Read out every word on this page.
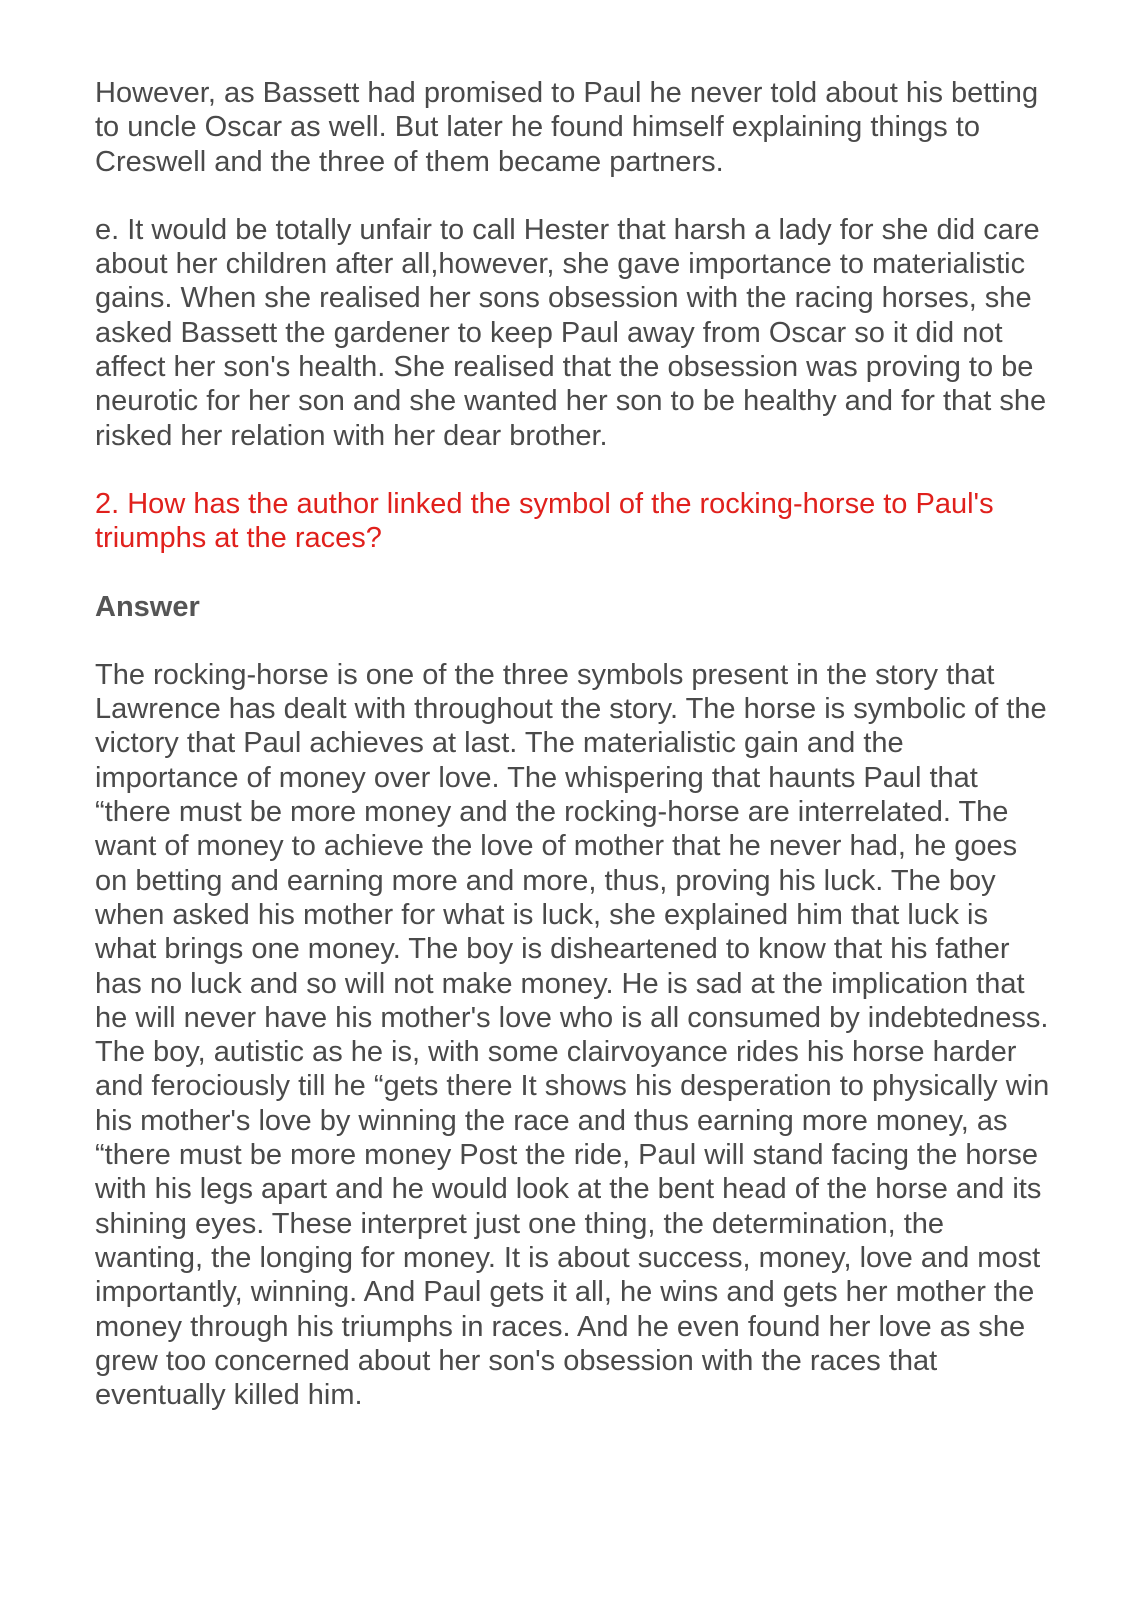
However, as Bassett had promised to Paul he never told about his betting to uncle Oscar as well. But later he found himself explaining things to Creswell and the three of them became partners.

e. It would be totally unfair to call Hester that harsh a lady for she did care about her children after all,however, she gave importance to materialistic gains. When she realised her sons obsession with the racing horses, she asked Bassett the gardener to keep Paul away from Oscar so it did not affect her son's health. She realised that the obsession was proving to be neurotic for her son and she wanted her son to be healthy and for that she risked her relation with her dear brother.

2. How has the author linked the symbol of the rocking-horse to Paul's triumphs at the races?

Answer

The rocking-horse is one of the three symbols present in the story that Lawrence has dealt with throughout the story. The horse is symbolic of the victory that Paul achieves at last. The materialistic gain and the importance of money over love. The whispering that haunts Paul that “there must be more money and the rocking-horse are interrelated. The want of money to achieve the love of mother that he never had, he goes on betting and earning more and more, thus, proving his luck. The boy when asked his mother for what is luck, she explained him that luck is what brings one money. The boy is disheartened to know that his father has no luck and so will not make money. He is sad at the implication that he will never have his mother's love who is all consumed by indebtedness. The boy, autistic as he is, with some clairvoyance rides his horse harder and ferociously till he “gets there It shows his desperation to physically win his mother's love by winning the race and thus earning more money, as “there must be more money Post the ride, Paul will stand facing the horse with his legs apart and he would look at the bent head of the horse and its shining eyes. These interpret just one thing, the determination, the wanting, the longing for money. It is about success, money, love and most importantly, winning. And Paul gets it all, he wins and gets her mother the money through his triumphs in races. And he even found her love as she grew too concerned about her son's obsession with the races that eventually killed him.
